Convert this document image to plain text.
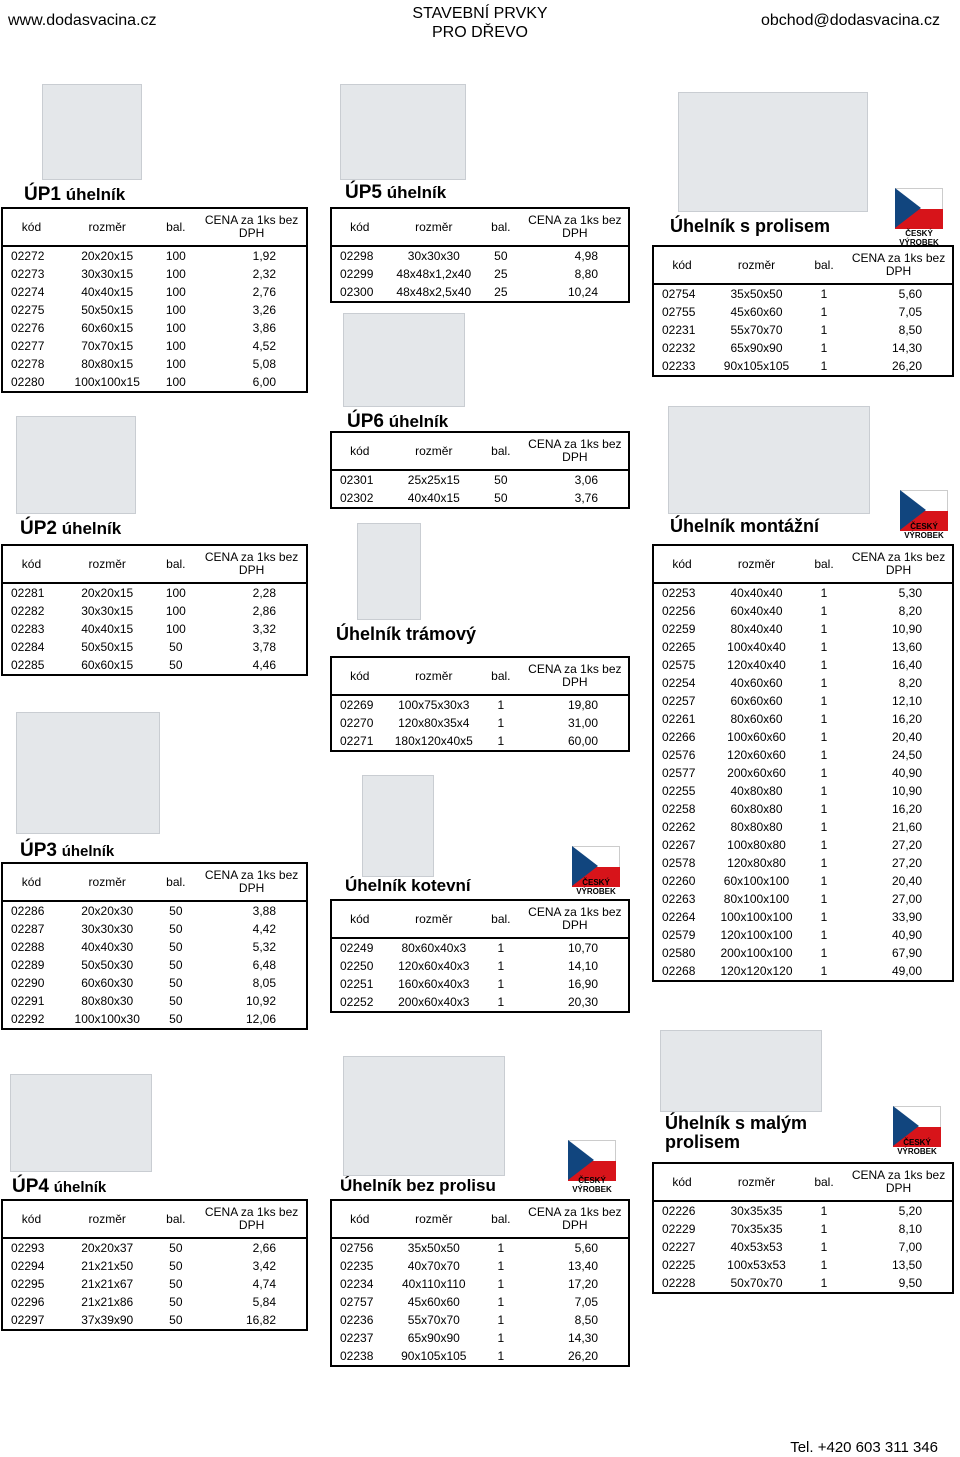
www.dodasvacina.cz	STAVEBNÍ PRVKY
PRO DŘEVO
obchod@dodasvacina.cz
ÚP1 úhelník	ÚP5 úhelník
Úhelník s prolisem
ÚP6 úhelník
ÚP2 úhelník
Úhelník trámový
Úhelník montážní
ÚP3 úhelník
Úhelník kotevní
ÚP4 úhelník	Úhelník bez prolisu
Úhelník s malým
prolisem
ČESKÝ
VÝROBEK
ČESKÝ
VÝROBEK
ČESKÝ
VÝROBEK
ČESKÝ
VÝROBEK
ČESKÝ
VÝROBEK
kód	rozměr	bal.	CENA za 1ks bez DPH
02272	20x20x15	100	1,92
02273	30x30x15	100	2,32
02274	40x40x15	100	2,76
02275	50x50x15	100	3,26
02276	60x60x15	100	3,86
02277	70x70x15	100	4,52
02278	80x80x15	100	5,08
02280	100x100x15	100	6,00
kód	rozměr	bal.	CENA za 1ks bez DPH
02298	30x30x30	50	4,98
02299	48x48x1,2x40	25	8,80
02300	48x48x2,5x40	25	10,24
kód	rozměr	bal.	CENA za 1ks bez DPH
02754	35x50x50	1	5,60
02755	45x60x60	1	7,05
02231	55x70x70	1	8,50
02232	65x90x90	1	14,30
02233	90x105x105	1	26,20
kód	rozměr	bal.	CENA za 1ks bez DPH
02301	25x25x15	50	3,06
02302	40x40x15	50	3,76
kód	rozměr	bal.	CENA za 1ks bez DPH
02281	20x20x15	100	2,28
02282	30x30x15	100	2,86
02283	40x40x15	100	3,32
02284	50x50x15	50	3,78
02285	60x60x15	50	4,46
kód	rozměr	bal.	CENA za 1ks bez DPH
02269	100x75x30x3	1	19,80
02270	120x80x35x4	1	31,00
02271	180x120x40x5	1	60,00
kód	rozměr	bal.	CENA za 1ks bez DPH
02253	40x40x40	1	5,30
02256	60x40x40	1	8,20
02259	80x40x40	1	10,90
02265	100x40x40	1	13,60
02575	120x40x40	1	16,40
02254	40x60x60	1	8,20
02257	60x60x60	1	12,10
02261	80x60x60	1	16,20
02266	100x60x60	1	20,40
02576	120x60x60	1	24,50
02577	200x60x60	1	40,90
02255	40x80x80	1	10,90
02258	60x80x80	1	16,20
02262	80x80x80	1	21,60
02267	100x80x80	1	27,20
02578	120x80x80	1	27,20
02260	60x100x100	1	20,40
02263	80x100x100	1	27,00
02264	100x100x100	1	33,90
02579	120x100x100	1	40,90
02580	200x100x100	1	67,90
02268	120x120x120	1	49,00
kód	rozměr	bal.	CENA za 1ks bez DPH
02286	20x20x30	50	3,88
02287	30x30x30	50	4,42
02288	40x40x30	50	5,32
02289	50x50x30	50	6,48
02290	60x60x30	50	8,05
02291	80x80x30	50	10,92
02292	100x100x30	50	12,06
kód	rozměr	bal.	CENA za 1ks bez DPH
02249	80x60x40x3	1	10,70
02250	120x60x40x3	1	14,10
02251	160x60x40x3	1	16,90
02252	200x60x40x3	1	20,30
kód	rozměr	bal.	CENA za 1ks bez DPH
02293	20x20x37	50	2,66
02294	21x21x50	50	3,42
02295	21x21x67	50	4,74
02296	21x21x86	50	5,84
02297	37x39x90	50	16,82
kód	rozměr	bal.	CENA za 1ks bez DPH
02756	35x50x50	1	5,60
02235	40x70x70	1	13,40
02234	40x110x110	1	17,20
02757	45x60x60	1	7,05
02236	55x70x70	1	8,50
02237	65x90x90	1	14,30
02238	90x105x105	1	26,20
kód	rozměr	bal.	CENA za 1ks bez DPH
02226	30x35x35	1	5,20
02229	70x35x35	1	8,10
02227	40x53x53	1	7,00
02225	100x53x53	1	13,50
02228	50x70x70	1	9,50
Tel. +420 603 311 346
